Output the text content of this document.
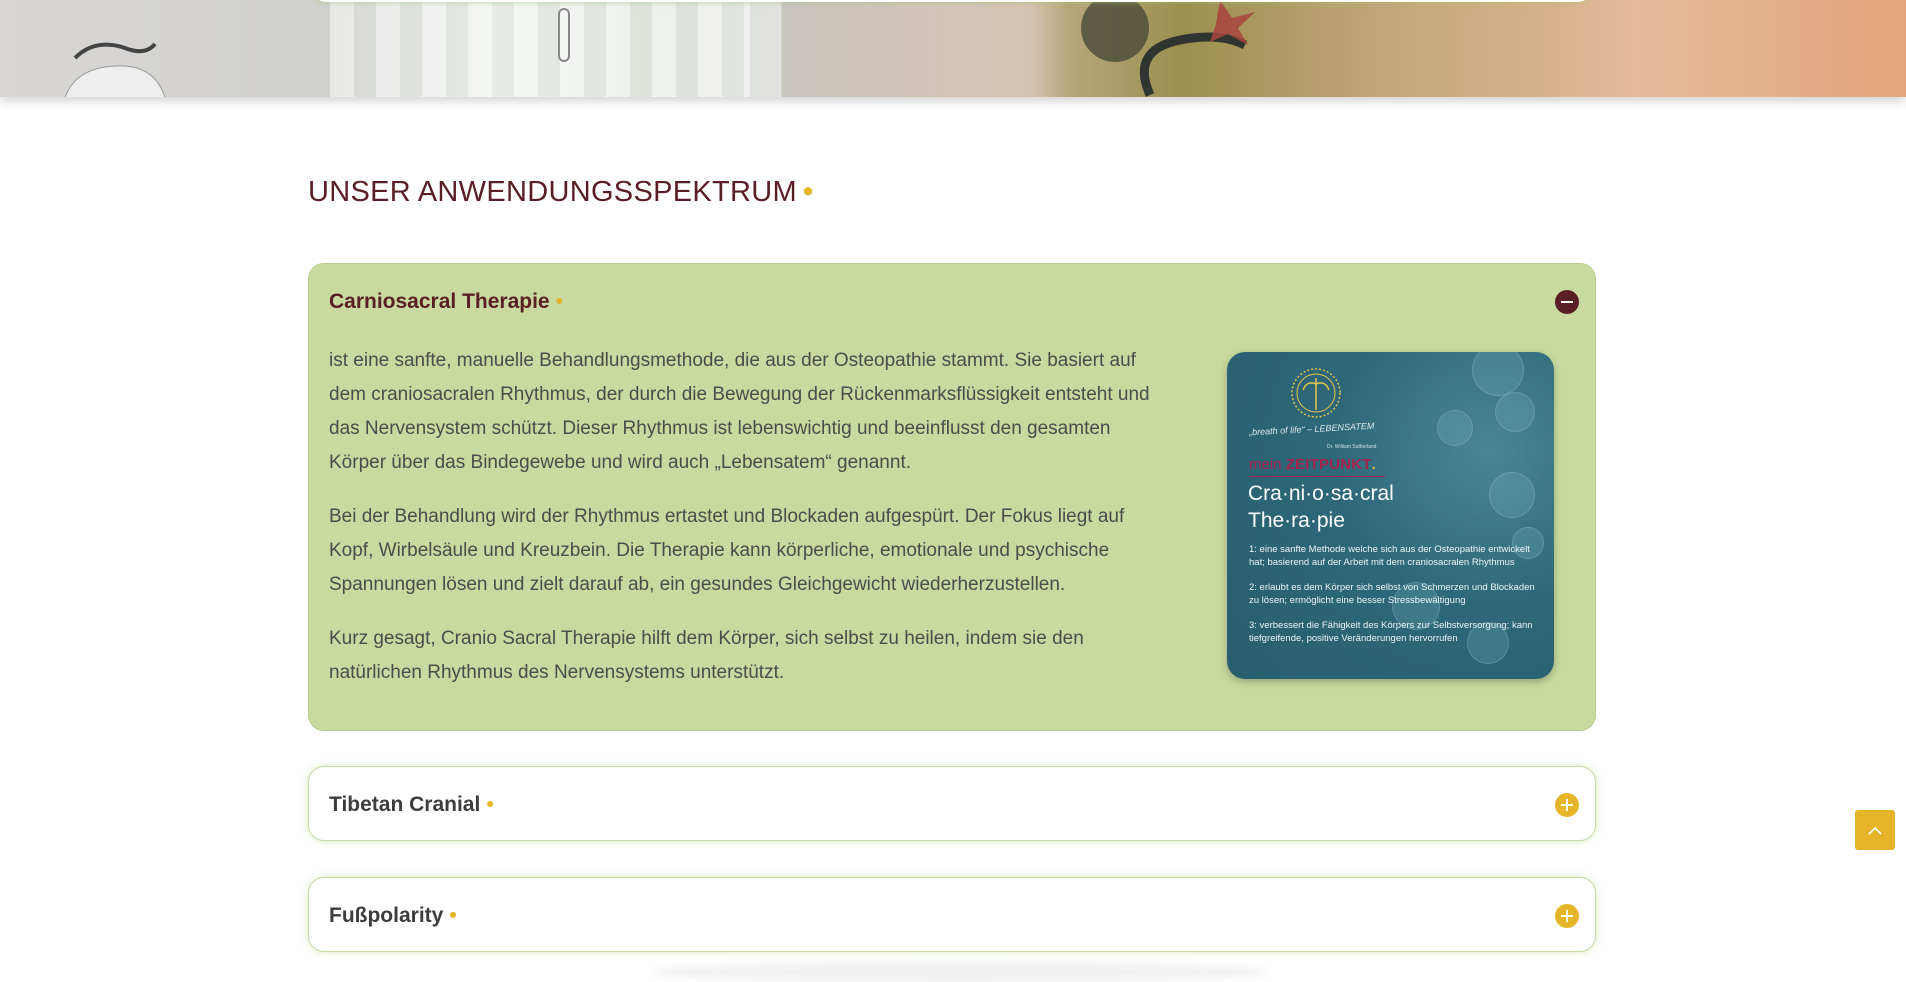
UNSER ANWENDUNGSSPEKTRUM •
Carniosacral Therapie •

ist eine sanfte, manuelle Behandlungsmethode, die aus der Osteopathie stammt. Sie basiert auf dem craniosacralen Rhythmus, der durch die Bewegung der Rückenmarksflüssigkeit entsteht und das Nervensystem schützt. Dieser Rhythmus ist lebenswichtig und beeinflusst den gesamten Körper über das Bindegewebe und wird auch „Lebensatem“ genannt.

Bei der Behandlung wird der Rhythmus ertastet und Blockaden aufgespürt. Der Fokus liegt auf Kopf, Wirbelsäule und Kreuzbein. Die Therapie kann körperliche, emotionale und psychische Spannungen lösen und zielt darauf ab, ein gesundes Gleichgewicht wiederherzustellen.

Kurz gesagt, Cranio Sacral Therapie hilft dem Körper, sich selbst zu heilen, indem sie den natürlichen Rhythmus des Nervensystems unterstützt.

„breath of life“ – LEBENSATEM
Dr. William Sutherland
mein ZEITPUNKT.
Cra·ni·o·sa·cral
The·ra·pie
1: eine sanfte Methode welche sich aus der Osteopathie entwickelt hat; basierend auf der Arbeit mit dem craniosacralen Rhythmus
2: erlaubt es dem Körper sich selbst von Schmerzen und Blockaden zu lösen; ermöglicht eine besser Stressbewältigung
3: verbessert die Fähigkeit des Körpers zur Selbstversorgung; kann tiefgreifende, positive Veränderungen hervorrufen
Tibetan Cranial •
Fußpolarity •
